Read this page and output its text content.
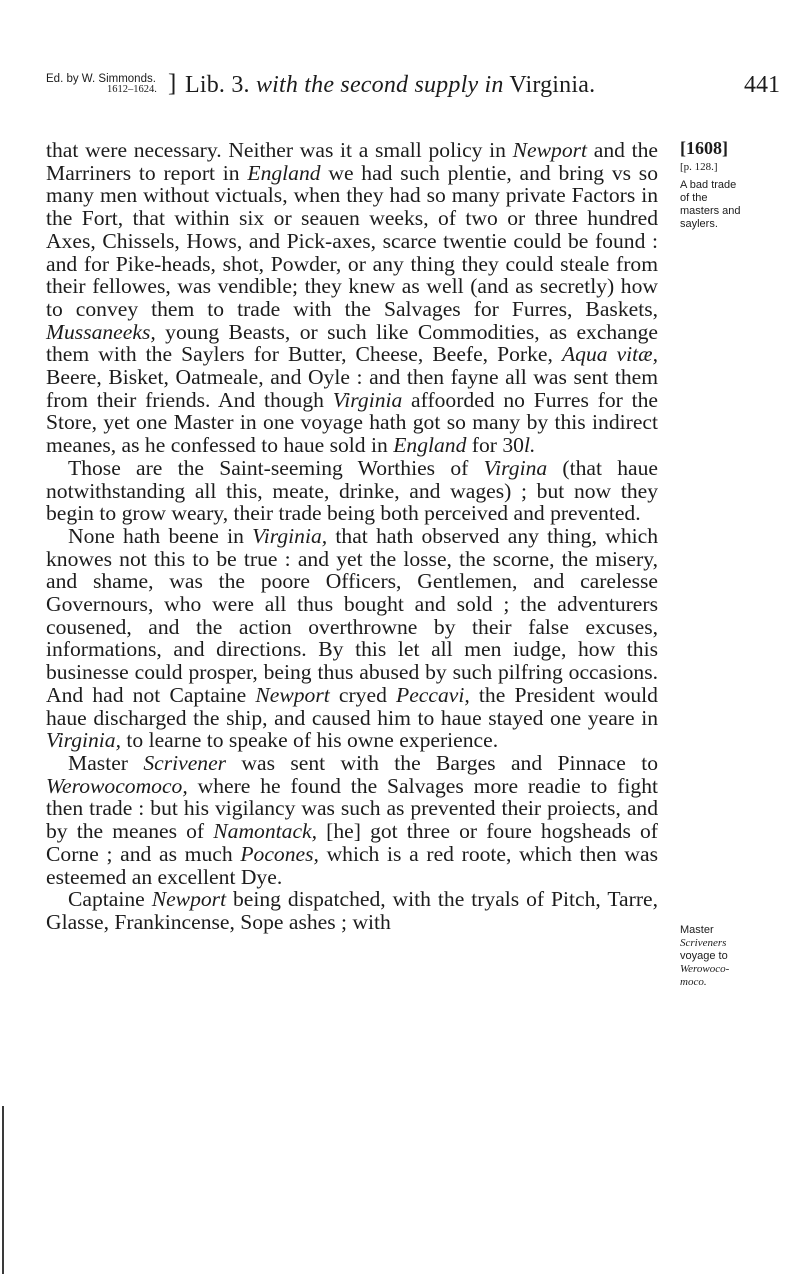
Ed. by W. Simmonds.
1612–1624. ] Lib. 3. with the second supply in Virginia.	441
[1608]
[p. 128.]
A bad trade
of the
masters and
saylers.
Master
Scriveners
voyage to
Werowoco-
moco.

that were necessary. Neither was it a small policy in Newport and the Marriners to report in England we had such plentie, and bring vs so many men without victuals, when they had so many private Factors in the Fort, that within six or seauen weeks, of two or three hundred Axes, Chissels, Hows, and Pick-axes, scarce twentie could be found : and for Pike-heads, shot, Powder, or any thing they could steale from their fellowes, was vendible; they knew as well (and as secretly) how to convey them to trade with the Salvages for Furres, Baskets, Mussaneeks, young Beasts, or such like Commodities, as exchange them with the Saylers for Butter, Cheese, Beefe, Porke, Aqua vitæ, Beere, Bisket, Oatmeale, and Oyle : and then fayne all was sent them from their friends. And though Virginia affoorded no Furres for the Store, yet one Master in one voyage hath got so many by this indirect meanes, as he confessed to haue sold in England for 30l.

Those are the Saint-seeming Worthies of Virgina (that haue notwithstanding all this, meate, drinke, and wages) ; but now they begin to grow weary, their trade being both perceived and prevented.

None hath beene in Virginia, that hath observed any thing, which knowes not this to be true : and yet the losse, the scorne, the misery, and shame, was the poore Officers, Gentlemen, and carelesse Governours, who were all thus bought and sold ; the adventurers cousened, and the action overthrowne by their false excuses, informations, and directions. By this let all men iudge, how this businesse could prosper, being thus abused by such pilfring occasions. And had not Captaine Newport cryed Peccavi, the President would haue discharged the ship, and caused him to haue stayed one yeare in Virginia, to learne to speake of his owne experience.

Master Scrivener was sent with the Barges and Pinnace to Werowocomoco, where he found the Salvages more readie to fight then trade : but his vigilancy was such as prevented their proiects, and by the meanes of Namontack, [he] got three or foure hogsheads of Corne ; and as much Pocones, which is a red roote, which then was esteemed an excellent Dye.

Captaine Newport being dispatched, with the tryals of Pitch, Tarre, Glasse, Frankincense, Sope ashes ; with
